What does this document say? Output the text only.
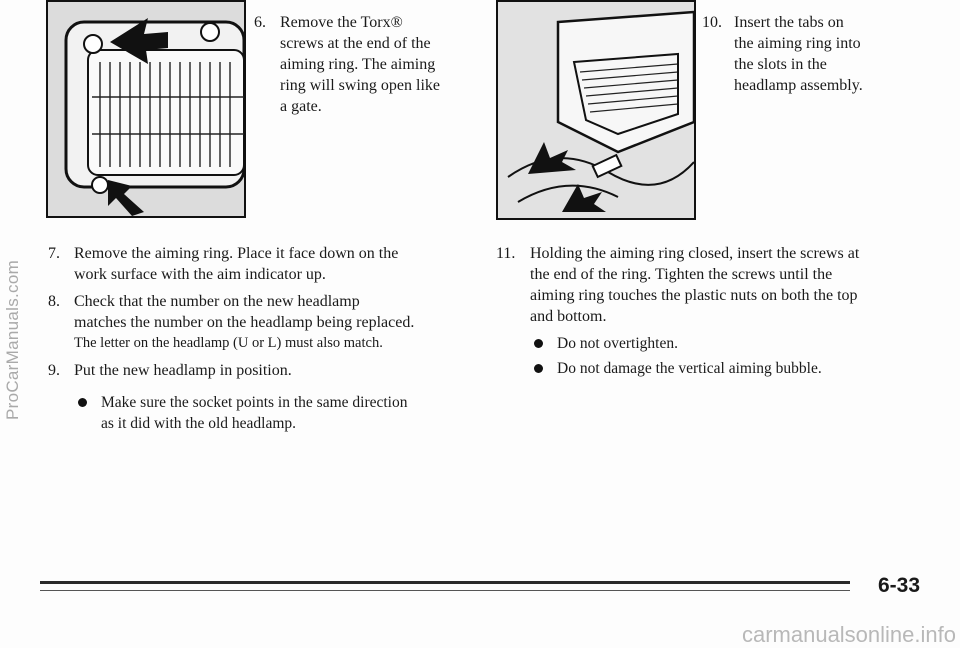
ProCarManuals.com
6. Remove the Torx®
screws at the end of the
aiming ring. The aiming
ring will swing open like
a gate.
10. Insert the tabs on
the aiming ring into
the slots in the
headlamp assembly.
7. Remove the aiming ring. Place it face down on the
work surface with the aim indicator up.
8. Check that the number on the new headlamp
matches the number on the headlamp being replaced.
The letter on the headlamp (U or L) must also match.
9. Put the new headlamp in position.
Make sure the socket points in the same direction
as it did with the old headlamp.
11. Holding the aiming ring closed, insert the screws at
the end of the ring. Tighten the screws until the
aiming ring touches the plastic nuts on both the top
and bottom.
Do not overtighten.
Do not damage the vertical aiming bubble.
6-33
carmanualsonline.info
